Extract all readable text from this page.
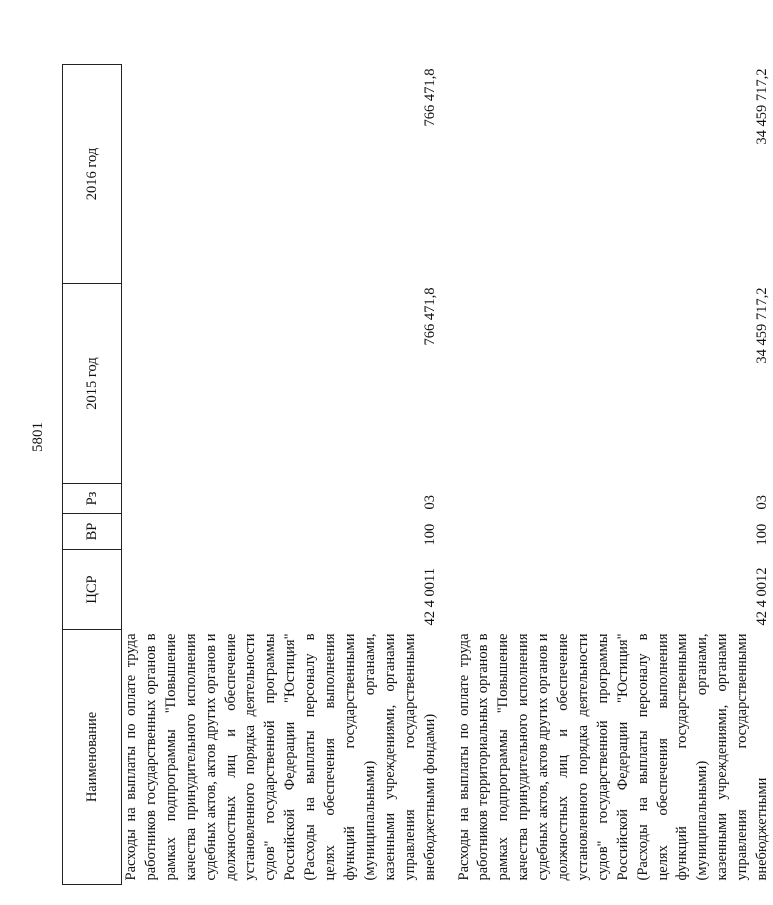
5801
Наименование	ЦСР	ВР	Рз	2015 год	2016 год
Расходы на выплаты по оплате труда работников государственных органов в рамках подпрограммы "Повышение качества принудительного исполнения судебных актов, актов других органов и должностных лиц и обеспечение установленного порядка деятельности судов" государственной программы Российской Федерации "Юстиция" (Расходы на выплаты персоналу в целях обеспечения выполнения функций государственными (муниципальными) органами, казенными учреждениями, органами управления государственными внебюджетными фондами)	42 4 0011	100	03	766 471,8	766 471,8
Расходы на выплаты по оплате труда работников территориальных органов в рамках подпрограммы "Повышение качества принудительного исполнения судебных актов, актов других органов и должностных лиц и обеспечение установленного порядка деятельности судов" государственной программы Российской Федерации "Юстиция" (Расходы на выплаты персоналу в целях обеспечения выполнения функций государственными (муниципальными) органами, казенными учреждениями, органами управления государственными внебюджетными	42 4 0012	100	03	34 459 717,2	34 459 717,2
